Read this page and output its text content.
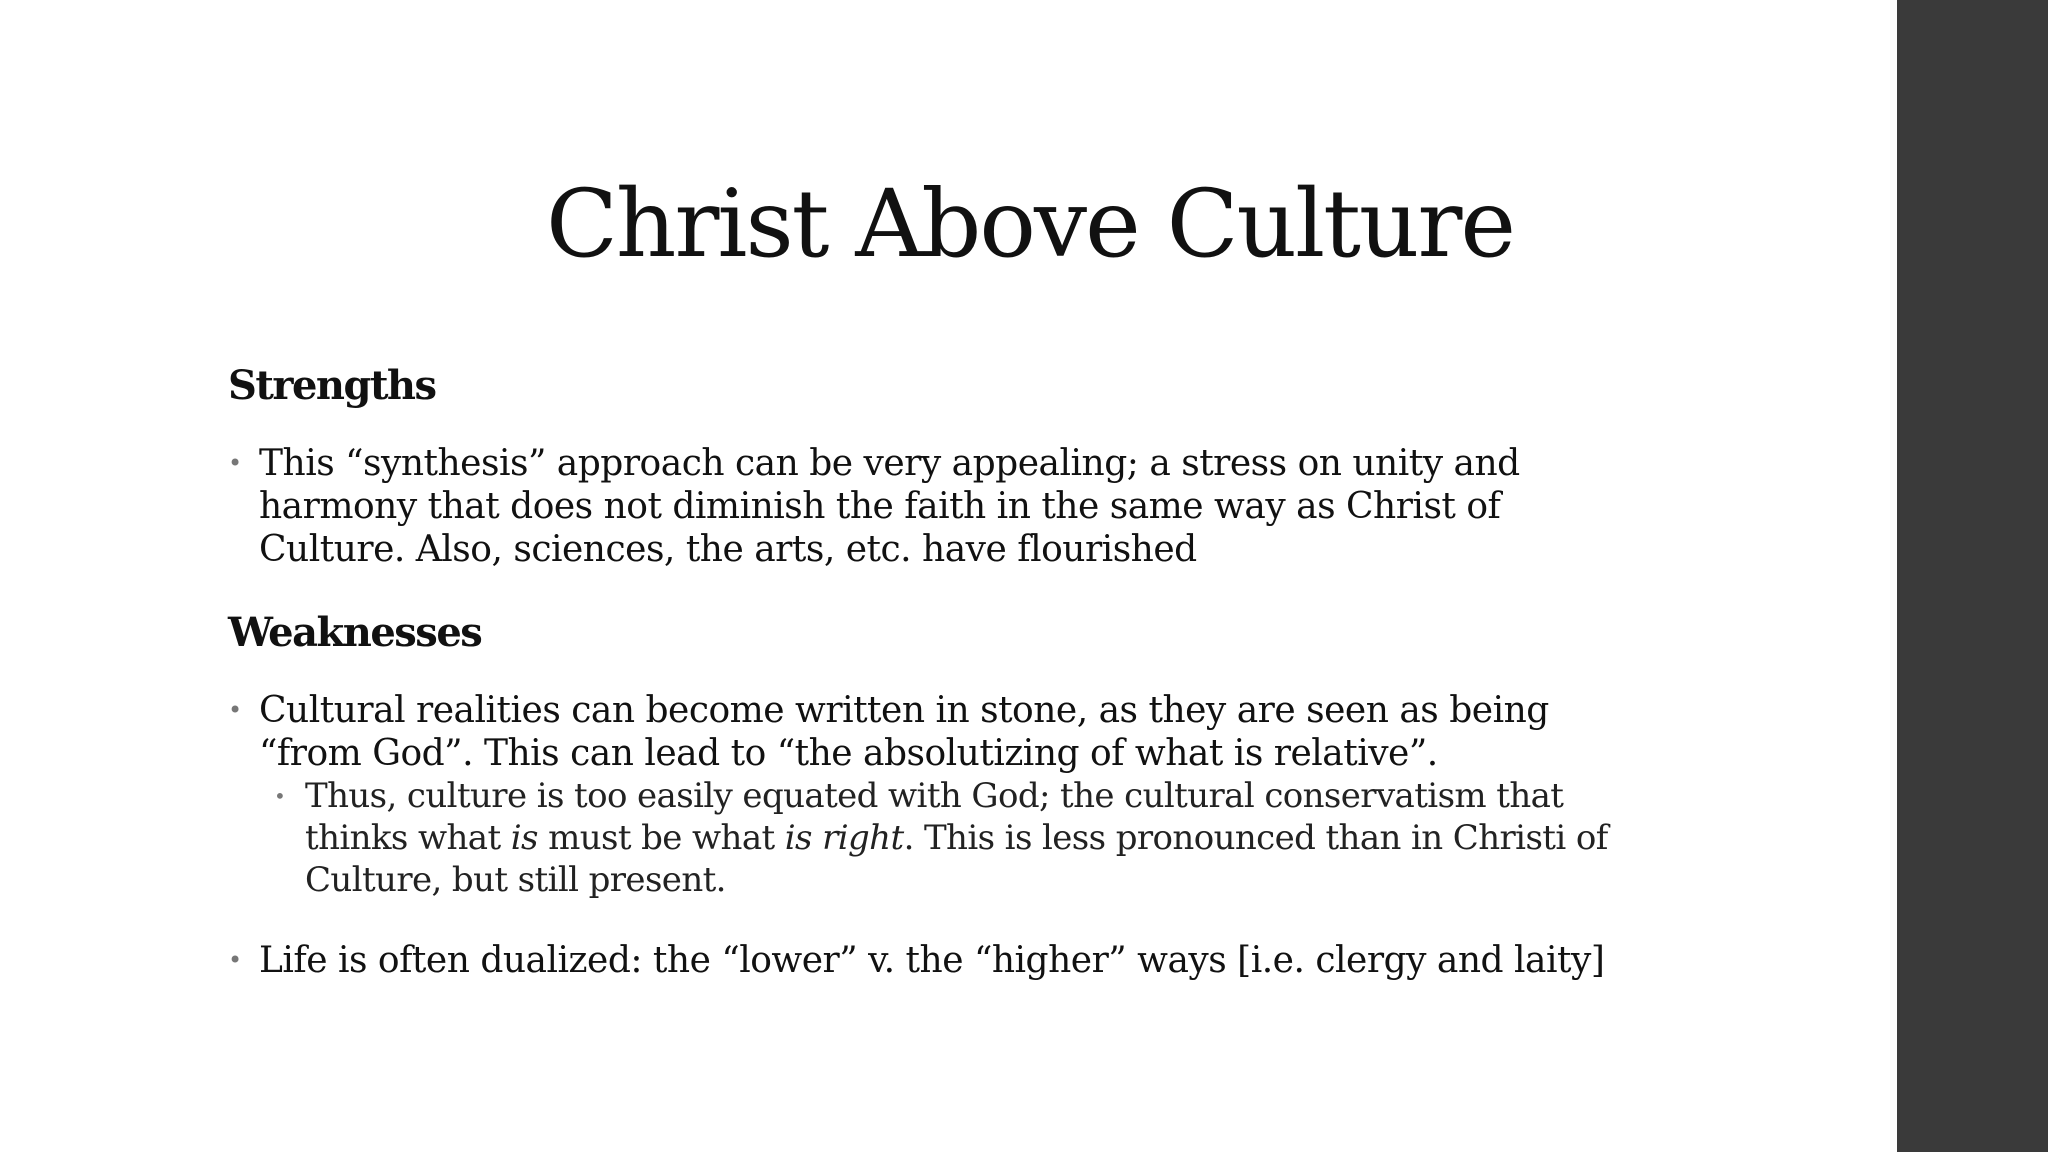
Christ Above Culture

Strengths

• This “synthesis” approach can be very appealing; a stress on unity and harmony that does not diminish the faith in the same way as Christ of Culture. Also, sciences, the arts, etc. have flourished

Weaknesses

• Cultural realities can become written in stone, as they are seen as being “from God”. This can lead to “the absolutizing of what is relative”.

• Thus, culture is too easily equated with God; the cultural conservatism that thinks what is must be what is right. This is less pronounced than in Christi of Culture, but still present.

• Life is often dualized: the “lower” v. the “higher” ways [i.e. clergy and laity]
